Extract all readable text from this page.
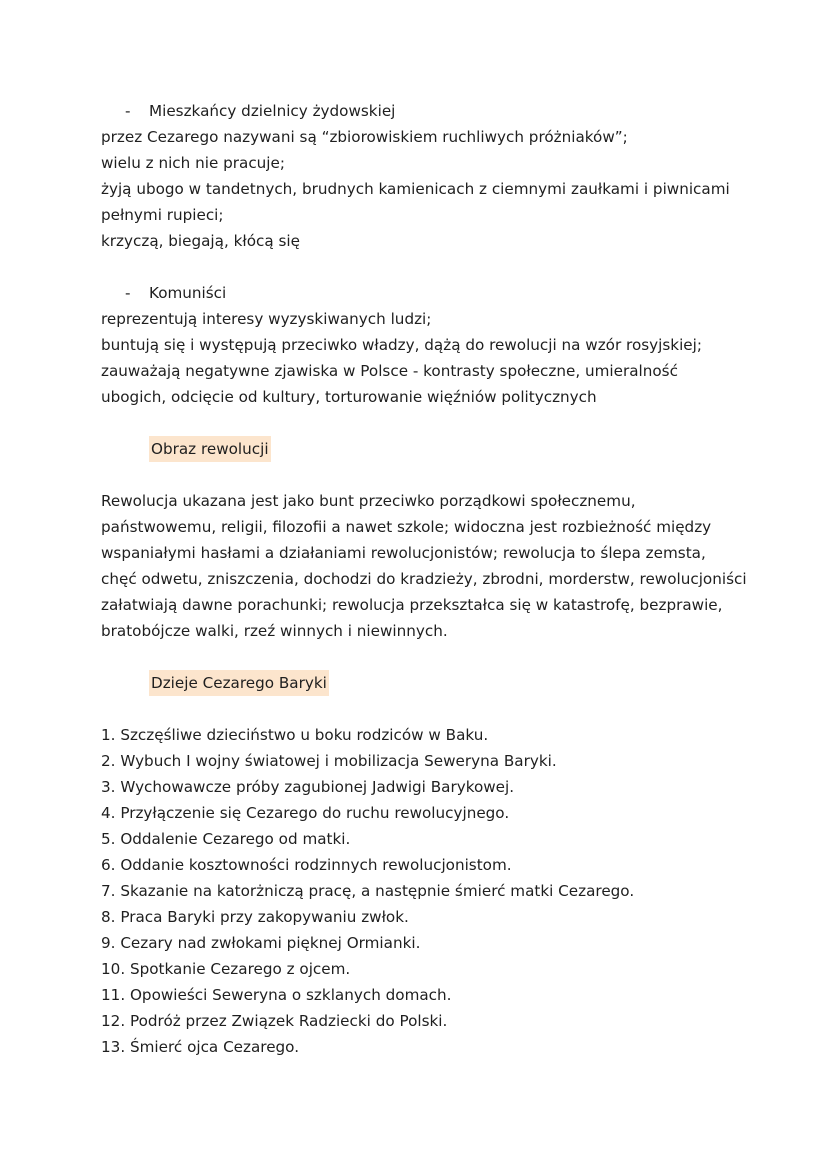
- Mieszkańcy dzielnicy żydowskiej
przez Cezarego nazywani są “zbiorowiskiem ruchliwych próżniaków”;
wielu z nich nie pracuje;
żyją ubogo w tandetnych, brudnych kamienicach z ciemnymi zaułkami i piwnicami
pełnymi rupieci;
krzyczą, biegają, kłócą się
- Komuniści
reprezentują interesy wyzyskiwanych ludzi;
buntują się i występują przeciwko władzy, dążą do rewolucji na wzór rosyjskiej;
zauważają negatywne zjawiska w Polsce - kontrasty społeczne, umieralność
ubogich, odcięcie od kultury, torturowanie więźniów politycznych
Obraz rewolucji
Rewolucja ukazana jest jako bunt przeciwko porządkowi społecznemu,
państwowemu, religii, filozofii a nawet szkole; widoczna jest rozbieżność między
wspaniałymi hasłami a działaniami rewolucjonistów; rewolucja to ślepa zemsta,
chęć odwetu, zniszczenia, dochodzi do kradzieży, zbrodni, morderstw, rewolucjoniści
załatwiają dawne porachunki; rewolucja przekształca się w katastrofę, bezprawie,
bratobójcze walki, rzeź winnych i niewinnych.
Dzieje Cezarego Baryki
1. Szczęśliwe dzieciństwo u boku rodziców w Baku.
2. Wybuch I wojny światowej i mobilizacja Seweryna Baryki.
3. Wychowawcze próby zagubionej Jadwigi Barykowej.
4. Przyłączenie się Cezarego do ruchu rewolucyjnego.
5. Oddalenie Cezarego od matki.
6. Oddanie kosztowności rodzinnych rewolucjonistom.
7. Skazanie na katorżniczą pracę, a następnie śmierć matki Cezarego.
8. Praca Baryki przy zakopywaniu zwłok.
9. Cezary nad zwłokami pięknej Ormianki.
10. Spotkanie Cezarego z ojcem.
11. Opowieści Seweryna o szklanych domach.
12. Podróż przez Związek Radziecki do Polski.
13. Śmierć ojca Cezarego.
